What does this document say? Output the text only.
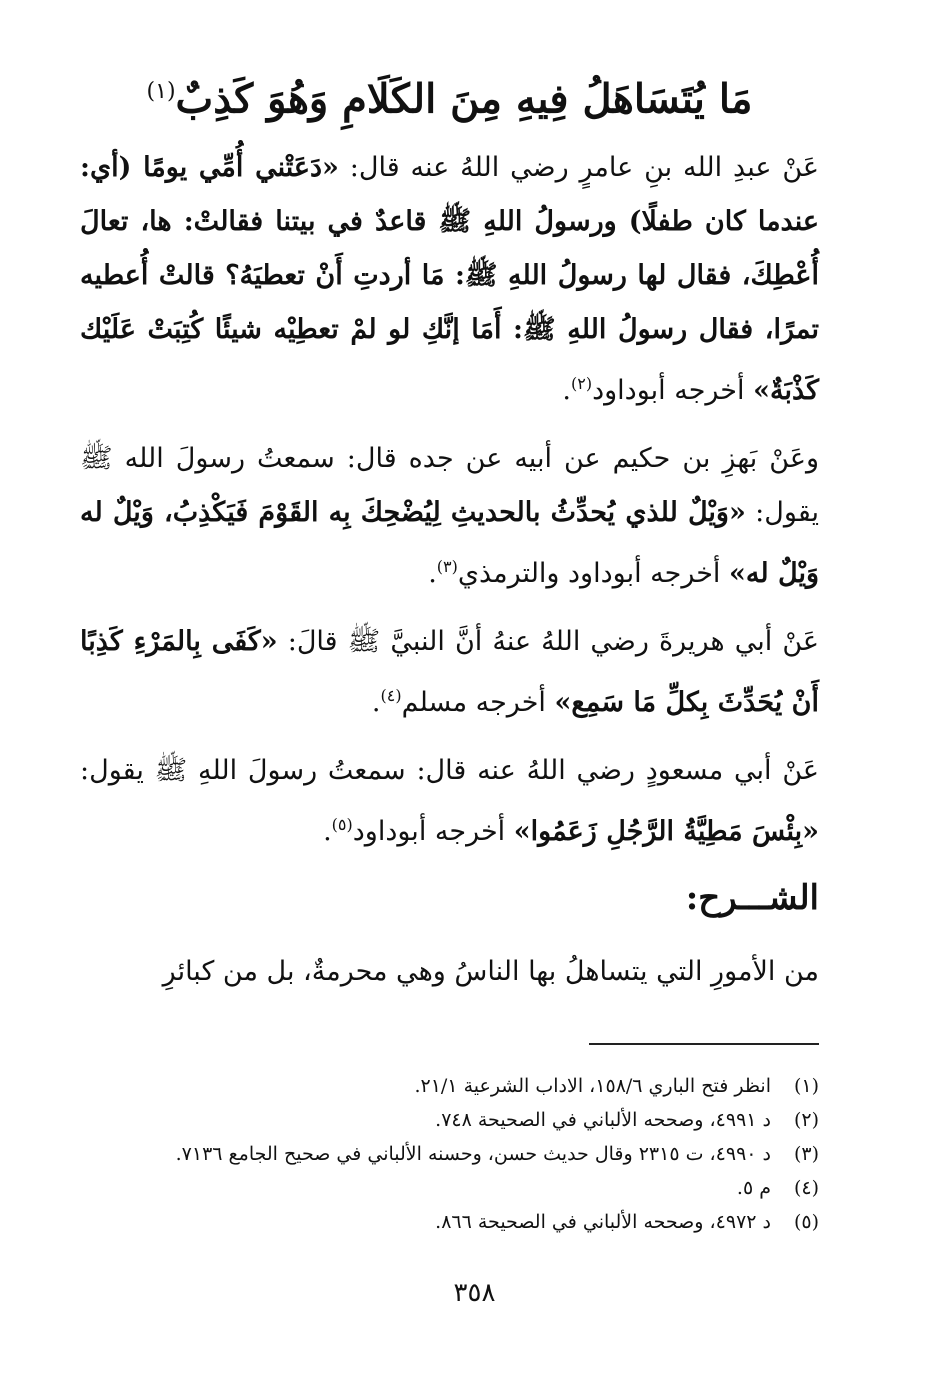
مَا يُتَسَاهَلُ فِيهِ مِنَ الكَلَامِ وَهُوَ كَذِبٌ$^{(١)}$

عَنْ عبدِ الله بنِ عامرٍ رضي اللهُ عنه قال: «دَعَتْني أُمِّي يومًا (أي: عندما كان طفلًا) ورسولُ اللهِ ﷺ قاعدٌ في بيتنا فقالتْ: ها، تعالَ أُعْطِكَ، فقال لها رسولُ اللهِ ﷺ: مَا أردتِ أَنْ تعطيَهُ؟ قالتْ أُعطيه تمرًا، فقال رسولُ اللهِ ﷺ: أَمَا إنَّكِ لو لمْ تعطِيْه شيئًا كُتِبَتْ عَلَيْك كَذْبَةٌ» أخرجه أبوداود$^{(٢)}$.

وعَنْ بَهزِ بن حكيم عن أبيه عن جده قال: سمعتُ رسولَ الله ﷺ يقول: «وَيْلٌ للذي يُحدِّثُ بالحديثِ لِيُضْحِكَ بِه القَوْمَ فَيَكْذِبُ، وَيْلٌ له وَيْلٌ له» أخرجه أبوداود والترمذي$^{(٣)}$.

عَنْ أبي هريرةَ رضي اللهُ عنهُ أنَّ النبيَّ ﷺ قالَ: «كَفَى بِالمَرْءِ كَذِبًا أَنْ يُحَدِّثَ بِكلِّ مَا سَمِع» أخرجه مسلم$^{(٤)}$.

عَنْ أبي مسعودٍ رضي اللهُ عنه قال: سمعتُ رسولَ اللهِ ﷺ يقول: «بِئْسَ مَطِيَّةُ الرَّجُلِ زَعَمُوا» أخرجه أبوداود$^{(٥)}$.

الشـــرح:

من الأمورِ التي يتساهلُ بها الناسُ وهي محرمةٌ، بل من كبائرِ

(١)
انظر فتح الباري ١٥٨/٦، الاداب الشرعية ٢١/١.
(٢)
د ٤٩٩١، وصححه الألباني في الصحيحة ٧٤٨.
(٣)
د ٤٩٩٠، ت ٢٣١٥ وقال حديث حسن، وحسنه الألباني في صحيح الجامع ٧١٣٦.
(٤)
م ٥.
(٥)
د ٤٩٧٢، وصححه الألباني في الصحيحة ٨٦٦.
٣٥٨
